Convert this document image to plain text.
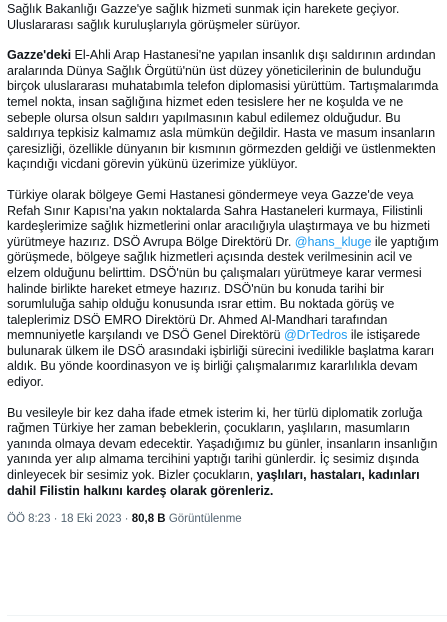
Sağlık Bakanlığı Gazze'ye sağlık hizmeti sunmak için harekete geçiyor. Uluslararası sağlık kuruluşlarıyla görüşmeler sürüyor.

Gazze'deki El-Ahli Arap Hastanesi'ne yapılan insanlık dışı saldırının ardından aralarında Dünya Sağlık Örgütü'nün üst düzey yöneticilerinin de bulunduğu birçok uluslararası muhatabımla telefon diplomasisi yürüttüm. Tartışmalarımda temel nokta, insan sağlığına hizmet eden tesislere her ne koşulda ve ne sebeple olursa olsun saldırı yapılmasının kabul edilemez olduğudur. Bu saldırıya tepkisiz kalmamız asla mümkün değildir. Hasta ve masum insanların çaresizliği, özellikle dünyanın bir kısmının görmezden geldiği ve üstlenmekten kaçındığı vicdani görevin yükünü üzerimize yüklüyor.

Türkiye olarak bölgeye Gemi Hastanesi göndermeye veya Gazze'de veya Refah Sınır Kapısı'na yakın noktalarda Sahra Hastaneleri kurmaya, Filistinli kardeşlerimize sağlık hizmetlerini onlar aracılığıyla ulaştırmaya ve bu hizmeti yürütmeye hazırız. DSÖ Avrupa Bölge Direktörü Dr. @hans_kluge ile yaptığım görüşmede, bölgeye sağlık hizmetleri açısında destek verilmesinin acil ve elzem olduğunu belirttim. DSÖ'nün bu çalışmaları yürütmeye karar vermesi halinde birlikte hareket etmeye hazırız. DSÖ'nün bu konuda tarihi bir sorumluluğa sahip olduğu konusunda ısrar ettim. Bu noktada görüş ve taleplerimiz DSÖ EMRO Direktörü Dr. Ahmed Al-Mandhari tarafından memnuniyetle karşılandı ve DSÖ Genel Direktörü @DrTedros ile istişarede bulunarak ülkem ile DSÖ arasındaki işbirliği sürecini ivedilikle başlatma kararı aldık. Bu yönde koordinasyon ve iş birliği çalışmalarımız kararlılıkla devam ediyor.

Bu vesileyle bir kez daha ifade etmek isterim ki, her türlü diplomatik zorluğa rağmen Türkiye her zaman bebeklerin, çocukların, yaşlıların, masumların yanında olmaya devam edecektir. Yaşadığımız bu günler, insanların insanlığın yanında yer alıp almama tercihini yaptığı tarihi günlerdir. İç sesimiz dışında dinleyecek bir sesimiz yok. Bizler çocukların, yaşlıları, hastaları, kadınları dahil Filistin halkını kardeş olarak görenleriz.

ÖÖ 8:23 · 18 Eki 2023 · 80,8 B Görüntülenme
